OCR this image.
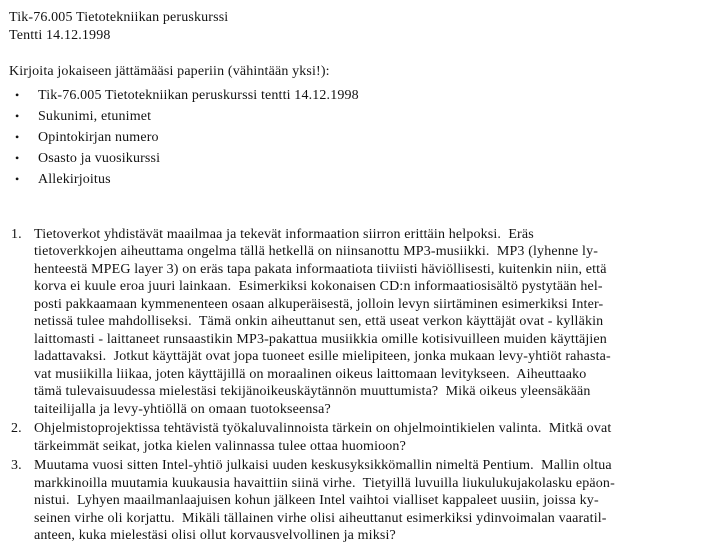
Tik-76.005 Tietotekniikan peruskurssi
Tentti 14.12.1998
Kirjoita jokaiseen jättämääsi paperiin (vähintään yksi!):
•	Tik-76.005 Tietotekniikan peruskurssi tentti 14.12.1998
•	Sukunimi, etunimet
•	Opintokirjan numero
•	Osasto ja vuosikurssi
•	Allekirjoitus
1. Tietoverkot yhdistävät maailmaa ja tekevät informaation siirron erittäin helpoksi.  Eräs
tietoverkkojen aiheuttama ongelma tällä hetkellä on niinsanottu MP3-musiikki.  MP3 (lyhenne ly-
henteestä MPEG layer 3) on eräs tapa pakata informaatiota tiiviisti häviöllisesti, kuitenkin niin, että
korva ei kuule eroa juuri lainkaan.  Esimerkiksi kokonaisen CD:n informaatiosisältö pystytään hel-
posti pakkaamaan kymmenenteen osaan alkuperäisestä, jolloin levyn siirtäminen esimerkiksi Inter-
netissä tulee mahdolliseksi.  Tämä onkin aiheuttanut sen, että useat verkon käyttäjät ovat - kylläkin
laittomasti - laittaneet runsaastikin MP3-pakattua musiikkia omille kotisivuilleen muiden käyttäjien
ladattavaksi.  Jotkut käyttäjät ovat jopa tuoneet esille mielipiteen, jonka mukaan levy-yhtiöt rahasta-
vat musiikilla liikaa, joten käyttäjillä on moraalinen oikeus laittomaan levitykseen.  Aiheuttaako
tämä tulevaisuudessa mielestäsi tekijänoikeuskäytännön muuttumista?  Mikä oikeus yleensäkään
taiteilijalla ja levy-yhtiöllä on omaan tuotokseensa?
2. Ohjelmistoprojektissa tehtävistä työkaluvalinnoista tärkein on ohjelmointikielen valinta.  Mitkä ovat
tärkeimmät seikat, jotka kielen valinnassa tulee ottaa huomioon?
3. Muutama vuosi sitten Intel-yhtiö julkaisi uuden keskusyksikkömallin nimeltä Pentium.  Mallin oltua
markkinoilla muutamia kuukausia havaittiin siinä virhe.  Tietyillä luvuilla liukulukujakolasku epäon-
nistui.  Lyhyen maailmanlaajuisen kohun jälkeen Intel vaihtoi vialliset kappaleet uusiin, joissa ky-
seinen virhe oli korjattu.  Mikäli tällainen virhe olisi aiheuttanut esimerkiksi ydinvoimalan vaaratil-
anteen, kuka mielestäsi olisi ollut korvausvelvollinen ja miksi?
